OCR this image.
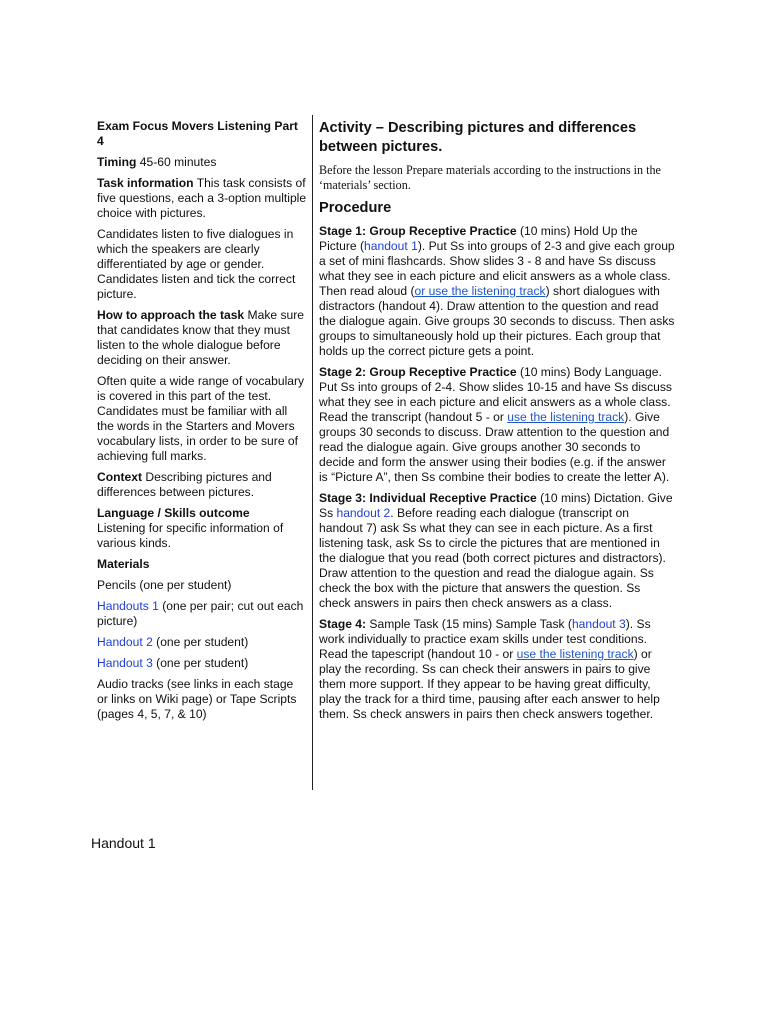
Exam Focus Movers Listening Part 4

Timing 45-60 minutes

Task information This task consists of five questions, each a 3-option multiple choice with pictures.

Candidates listen to five dialogues in which the speakers are clearly differentiated by age or gender. Candidates listen and tick the correct picture.

How to approach the task Make sure that candidates know that they must listen to the whole dialogue before deciding on their answer.

Often quite a wide range of vocabulary is covered in this part of the test. Candidates must be familiar with all the words in the Starters and Movers vocabulary lists, in order to be sure of achieving full marks.

Context Describing pictures and differences between pictures.

Language / Skills outcome
Listening for specific information of various kinds.

Materials

Pencils (one per student)

Handouts 1 (one per pair; cut out each picture)

Handout 2 (one per student)

Handout 3 (one per student)

Audio tracks (see links in each stage or links on Wiki page) or Tape Scripts (pages 4, 5, 7, & 10)

Activity – Describing pictures and differences between pictures.

Before the lesson Prepare materials according to the instructions in the ‘materials’ section.

Procedure

Stage 1: Group Receptive Practice (10 mins) Hold Up the Picture (handout 1). Put Ss into groups of 2-3 and give each group a set of mini flashcards. Show slides 3 - 8 and have Ss discuss what they see in each picture and elicit answers as a whole class. Then read aloud (or use the listening track) short dialogues with distractors (handout 4). Draw attention to the question and read the dialogue again. Give groups 30 seconds to discuss. Then asks groups to simultaneously hold up their pictures. Each group that holds up the correct picture gets a point.

Stage 2: Group Receptive Practice (10 mins) Body Language. Put Ss into groups of 2-4. Show slides 10-15 and have Ss discuss what they see in each picture and elicit answers as a whole class. Read the transcript (handout 5 - or use the listening track). Give groups 30 seconds to discuss. Draw attention to the question and read the dialogue again. Give groups another 30 seconds to decide and form the answer using their bodies (e.g. if the answer is “Picture A”, then Ss combine their bodies to create the letter A).

Stage 3: Individual Receptive Practice (10 mins) Dictation. Give Ss handout 2. Before reading each dialogue (transcript on handout 7) ask Ss what they can see in each picture. As a first listening task, ask Ss to circle the pictures that are mentioned in the dialogue that you read (both correct pictures and distractors). Draw attention to the question and read the dialogue again. Ss check the box with the picture that answers the question. Ss check answers in pairs then check answers as a class.

Stage 4: Sample Task (15 mins) Sample Task (handout 3). Ss work individually to practice exam skills under test conditions. Read the tapescript (handout 10 - or use the listening track) or play the recording. Ss can check their answers in pairs to give them more support. If they appear to be having great difficulty, play the track for a third time, pausing after each answer to help them. Ss check answers in pairs then check answers together.

Handout 1
